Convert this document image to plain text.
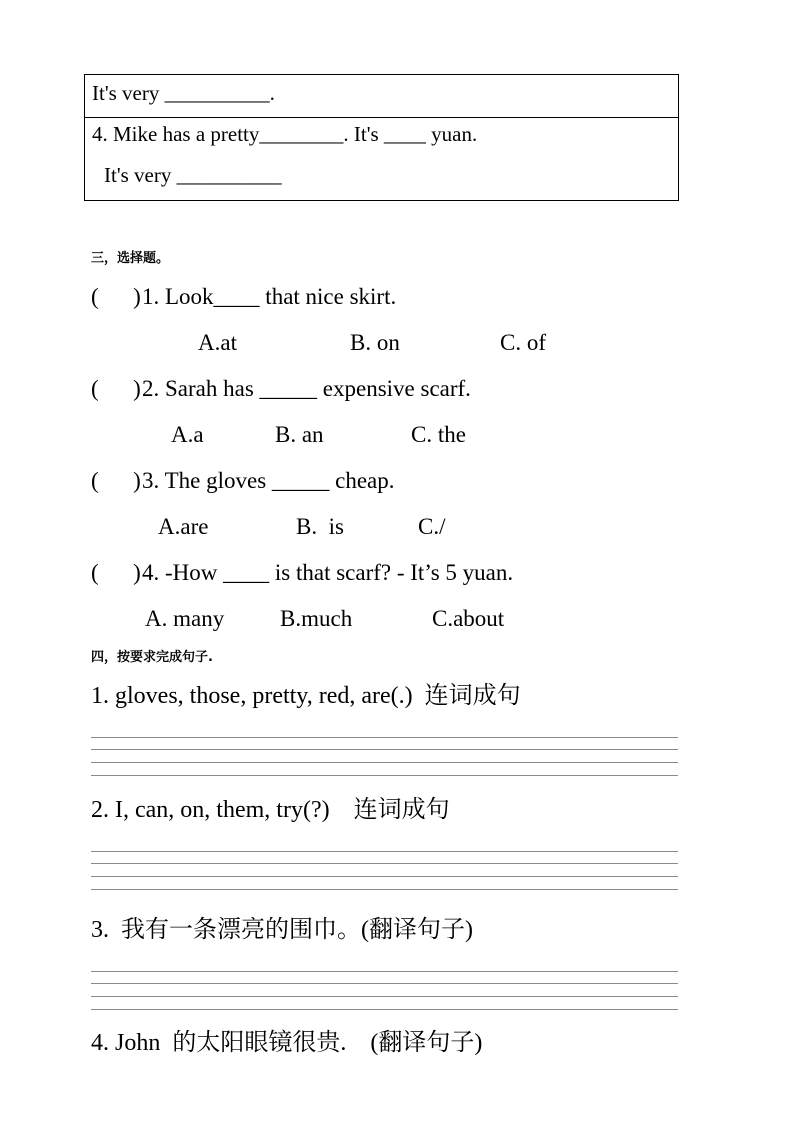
It's very __________.
4. Mike has a pretty________. It's ____ yuan.
It's very __________
三，选择题。
(      ) 1. Look____ that nice skirt.
A.at	B. on	C. of
(      ) 2. Sarah has _____ expensive scarf.
A.a	B. an	C. the
(      ) 3. The gloves _____ cheap.
A.are	B.  is	C./
(      ) 4. -How ____ is that scarf? - It’s 5 yuan.
A. many B.much	C.about
四，按要求完成句子.
1. gloves, those, pretty, red, are(.)  连词成句
2. I, can, on, them, try(?)    连词成句
3.  我有一条漂亮的围巾。(翻译句子)
4. John  的太阳眼镜很贵.    (翻译句子)
